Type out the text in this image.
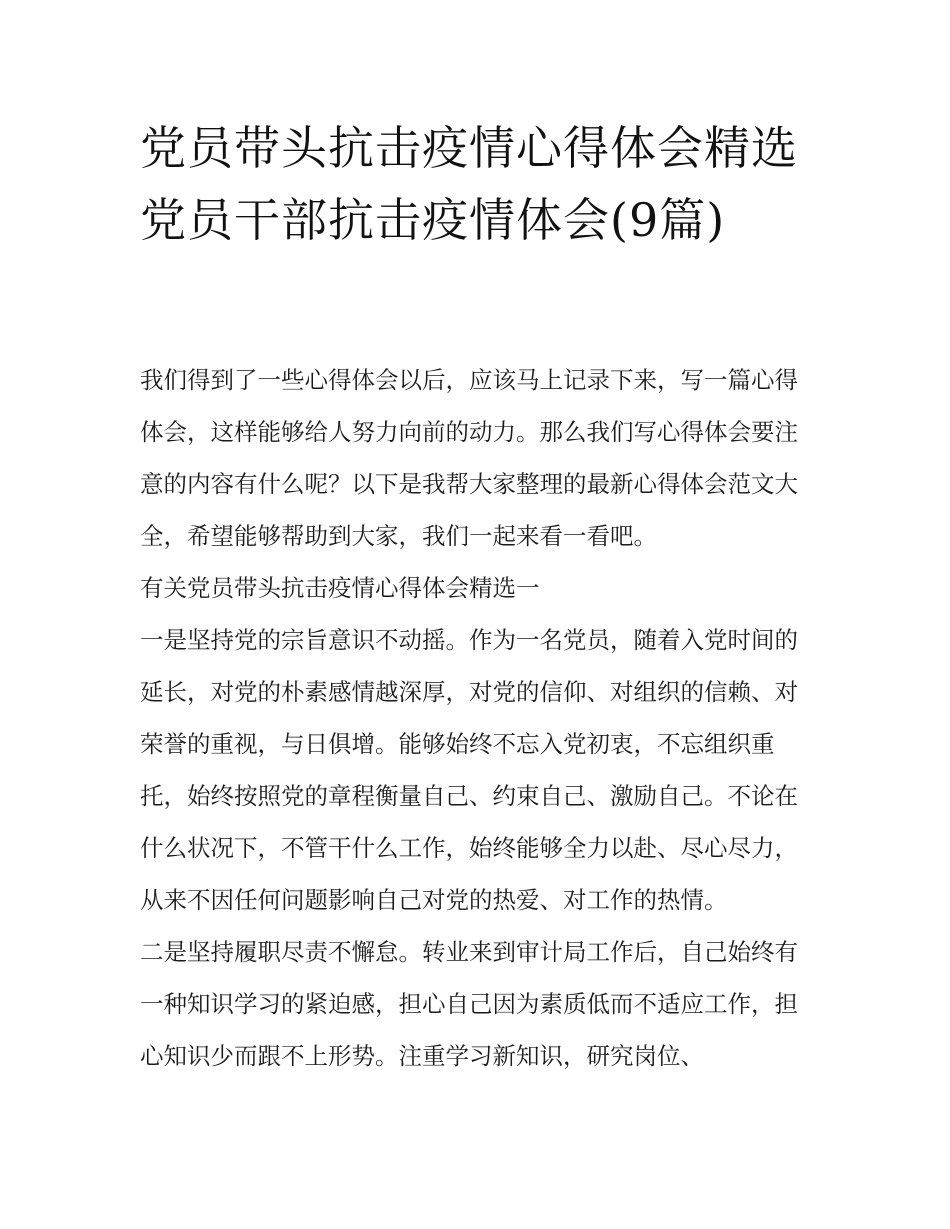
党员带头抗击疫情心得体会精选 党员干部抗击疫情体会(9篇)

我们得到了一些心得体会以后，应该马上记录下来，写一篇心得体会，这样能够给人努力向前的动力。那么我们写心得体会要注意的内容有什么呢？以下是我帮大家整理的最新心得体会范文大全，希望能够帮助到大家，我们一起来看一看吧。

有关党员带头抗击疫情心得体会精选一

一是坚持党的宗旨意识不动摇。作为一名党员，随着入党时间的延长，对党的朴素感情越深厚，对党的信仰、对组织的信赖、对荣誉的重视，与日俱增。能够始终不忘入党初衷，不忘组织重托，始终按照党的章程衡量自己、约束自己、激励自己。不论在什么状况下，不管干什么工作，始终能够全力以赴、尽心尽力，从来不因任何问题影响自己对党的热爱、对工作的热情。

二是坚持履职尽责不懈怠。转业来到审计局工作后，自己始终有一种知识学习的紧迫感，担心自己因为素质低而不适应工作，担心知识少而跟不上形势。注重学习新知识，研究岗位、
